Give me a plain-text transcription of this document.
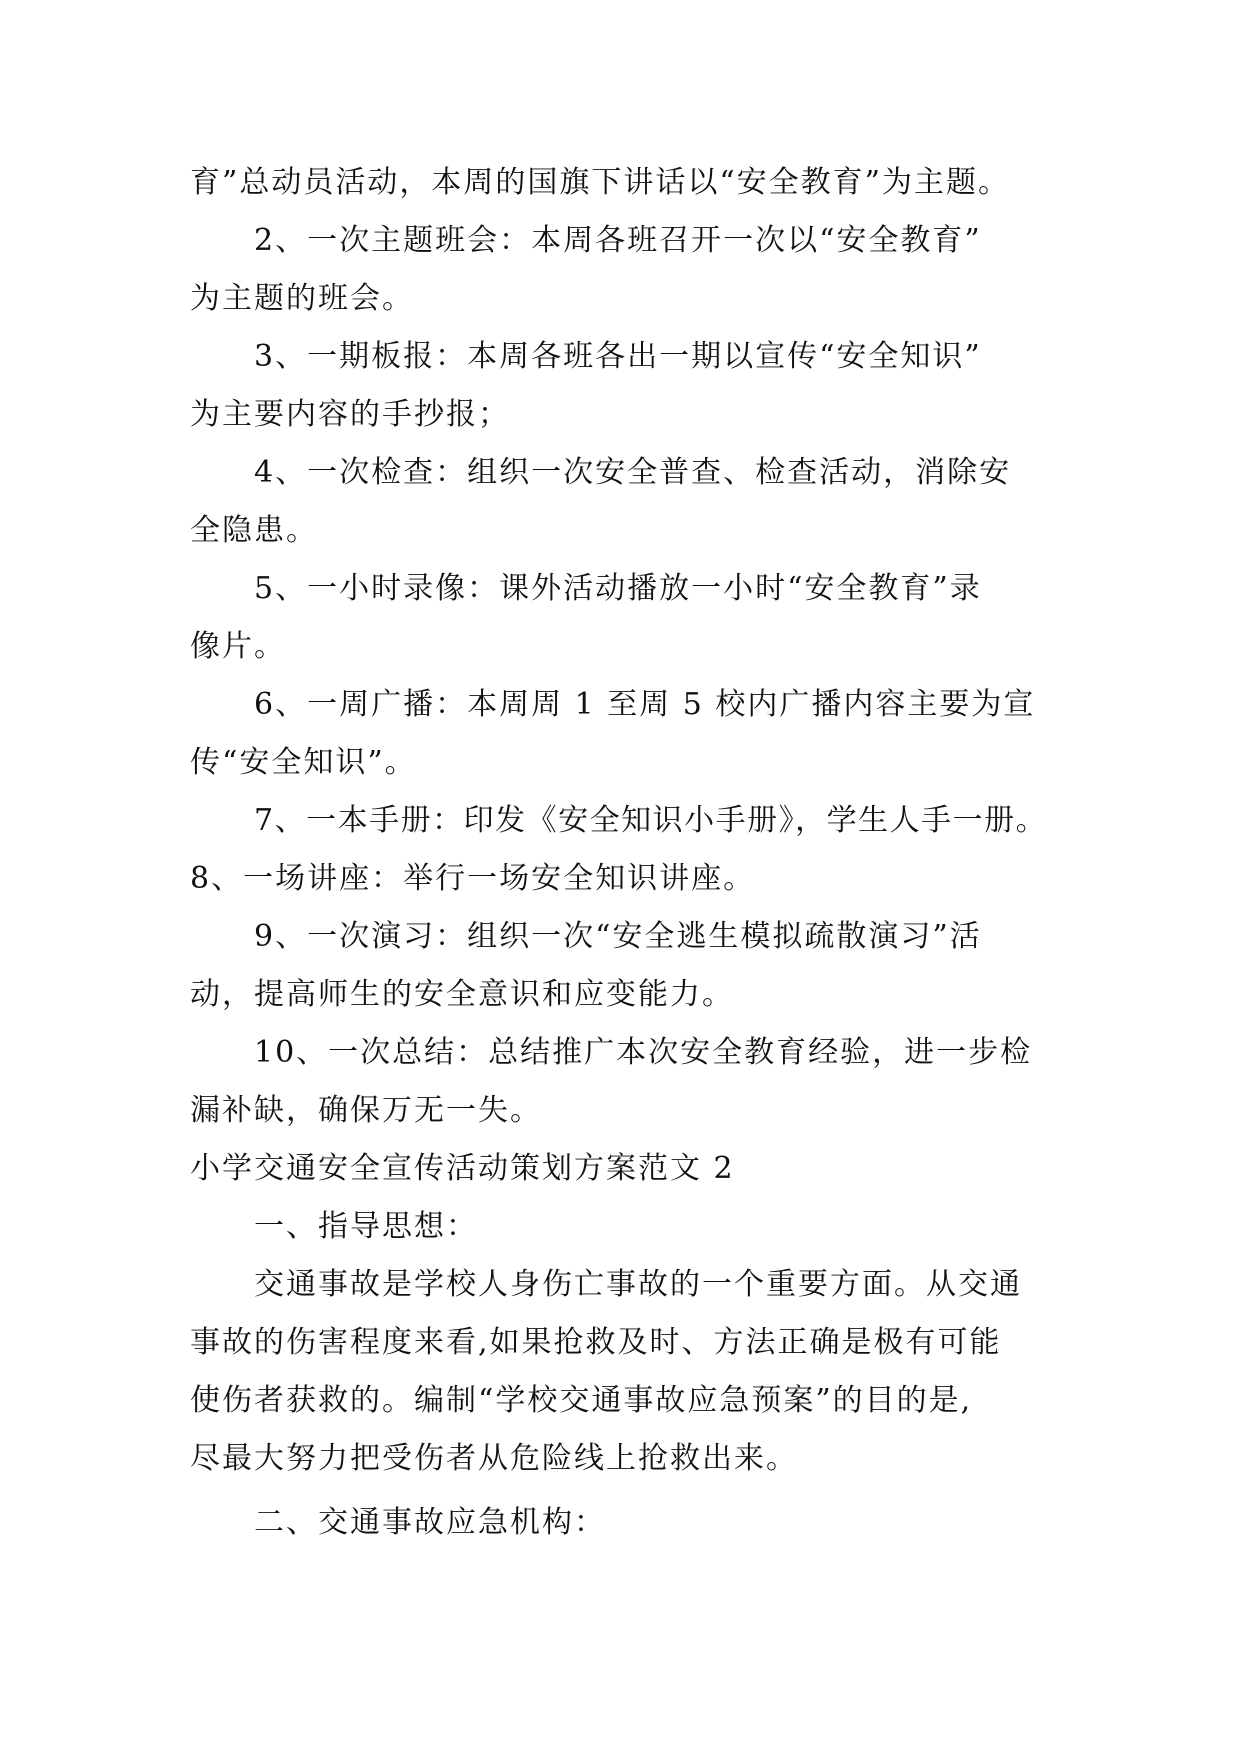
育”总动员活动，本周的国旗下讲话以“安全教育”为主题。
2、一次主题班会：本周各班召开一次以“安全教育”
为主题的班会。
3、一期板报：本周各班各出一期以宣传“安全知识”
为主要内容的手抄报；
4、一次检查：组织一次安全普查、检查活动，消除安
全隐患。
5、一小时录像：课外活动播放一小时“安全教育”录
像片。
6、一周广播：本周周 1 至周 5 校内广播内容主要为宣
传“安全知识”。
7、一本手册：印发《安全知识小手册》，学生人手一册。
8、一场讲座：举行一场安全知识讲座。
9、一次演习：组织一次“安全逃生模拟疏散演习”活
动，提高师生的安全意识和应变能力。
10、一次总结：总结推广本次安全教育经验，进一步检
漏补缺，确保万无一失。
小学交通安全宣传活动策划方案范文 2
一、指导思想：
交通事故是学校人身伤亡事故的一个重要方面。从交通
事故的伤害程度来看,如果抢救及时、方法正确是极有可能
使伤者获救的。编制“学校交通事故应急预案”的目的是,
尽最大努力把受伤者从危险线上抢救出来。
二、交通事故应急机构：
